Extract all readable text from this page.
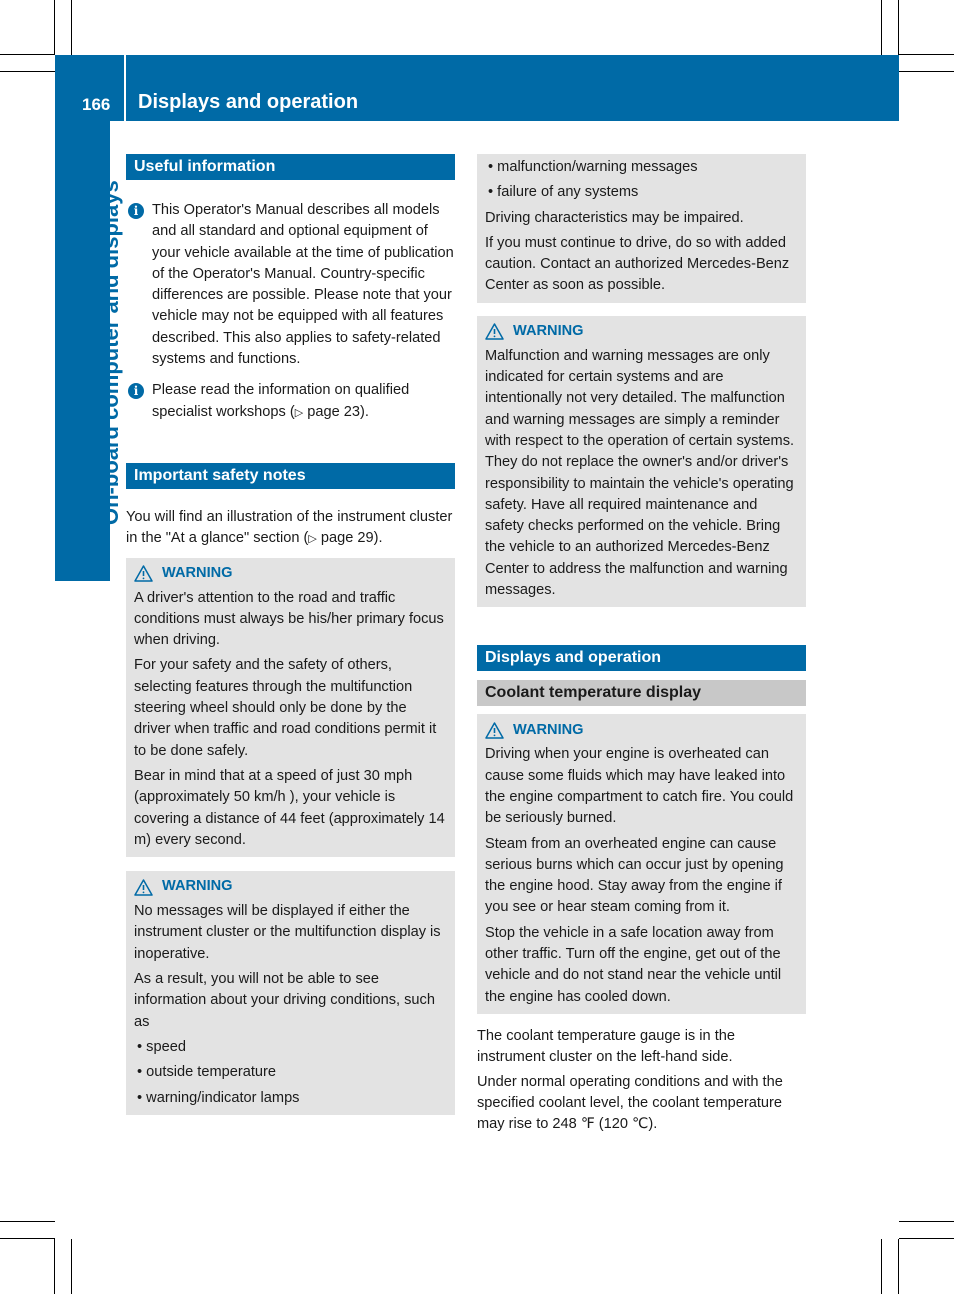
166 Displays and operation
On-board computer and displays
Useful information
i This Operator's Manual describes all models and all standard and optional equipment of your vehicle available at the time of publication of the Operator's Manual. Country-specific differences are possible. Please note that your vehicle may not be equipped with all features described. This also applies to safety-related systems and functions.

i Please read the information on qualified specialist workshops (▷ page 23).

Important safety notes

You will find an illustration of the instrument cluster in the "At a glance" section (▷ page 29).

WARNING

A driver's attention to the road and traffic conditions must always be his/her primary focus when driving.

For your safety and the safety of others, selecting features through the multifunction steering wheel should only be done by the driver when traffic and road conditions permit it to be done safely.

Bear in mind that at a speed of just 30 mph (approximately 50 km/h ), your vehicle is covering a distance of 44 feet (approximately 14 m) every second.

WARNING

No messages will be displayed if either the instrument cluster or the multifunction display is inoperative.

As a result, you will not be able to see information about your driving conditions, such as

• speed

• outside temperature

• warning/indicator lamps

• malfunction/warning messages

• failure of any systems

Driving characteristics may be impaired.

If you must continue to drive, do so with added caution. Contact an authorized Mercedes-Benz Center as soon as possible.

WARNING

Malfunction and warning messages are only indicated for certain systems and are intentionally not very detailed. The malfunction and warning messages are simply a reminder with respect to the operation of certain systems. They do not replace the owner's and/or driver's responsibility to maintain the vehicle's operating safety. Have all required maintenance and safety checks performed on the vehicle. Bring the vehicle to an authorized Mercedes-Benz Center to address the malfunction and warning messages.

Displays and operation
Coolant temperature display
WARNING

Driving when your engine is overheated can cause some fluids which may have leaked into the engine compartment to catch fire. You could be seriously burned.

Steam from an overheated engine can cause serious burns which can occur just by opening the engine hood. Stay away from the engine if you see or hear steam coming from it.

Stop the vehicle in a safe location away from other traffic. Turn off the engine, get out of the vehicle and do not stand near the vehicle until the engine has cooled down.

The coolant temperature gauge is in the instrument cluster on the left-hand side.

Under normal operating conditions and with the specified coolant level, the coolant temperature may rise to 248 ℉ (120 ℃).
